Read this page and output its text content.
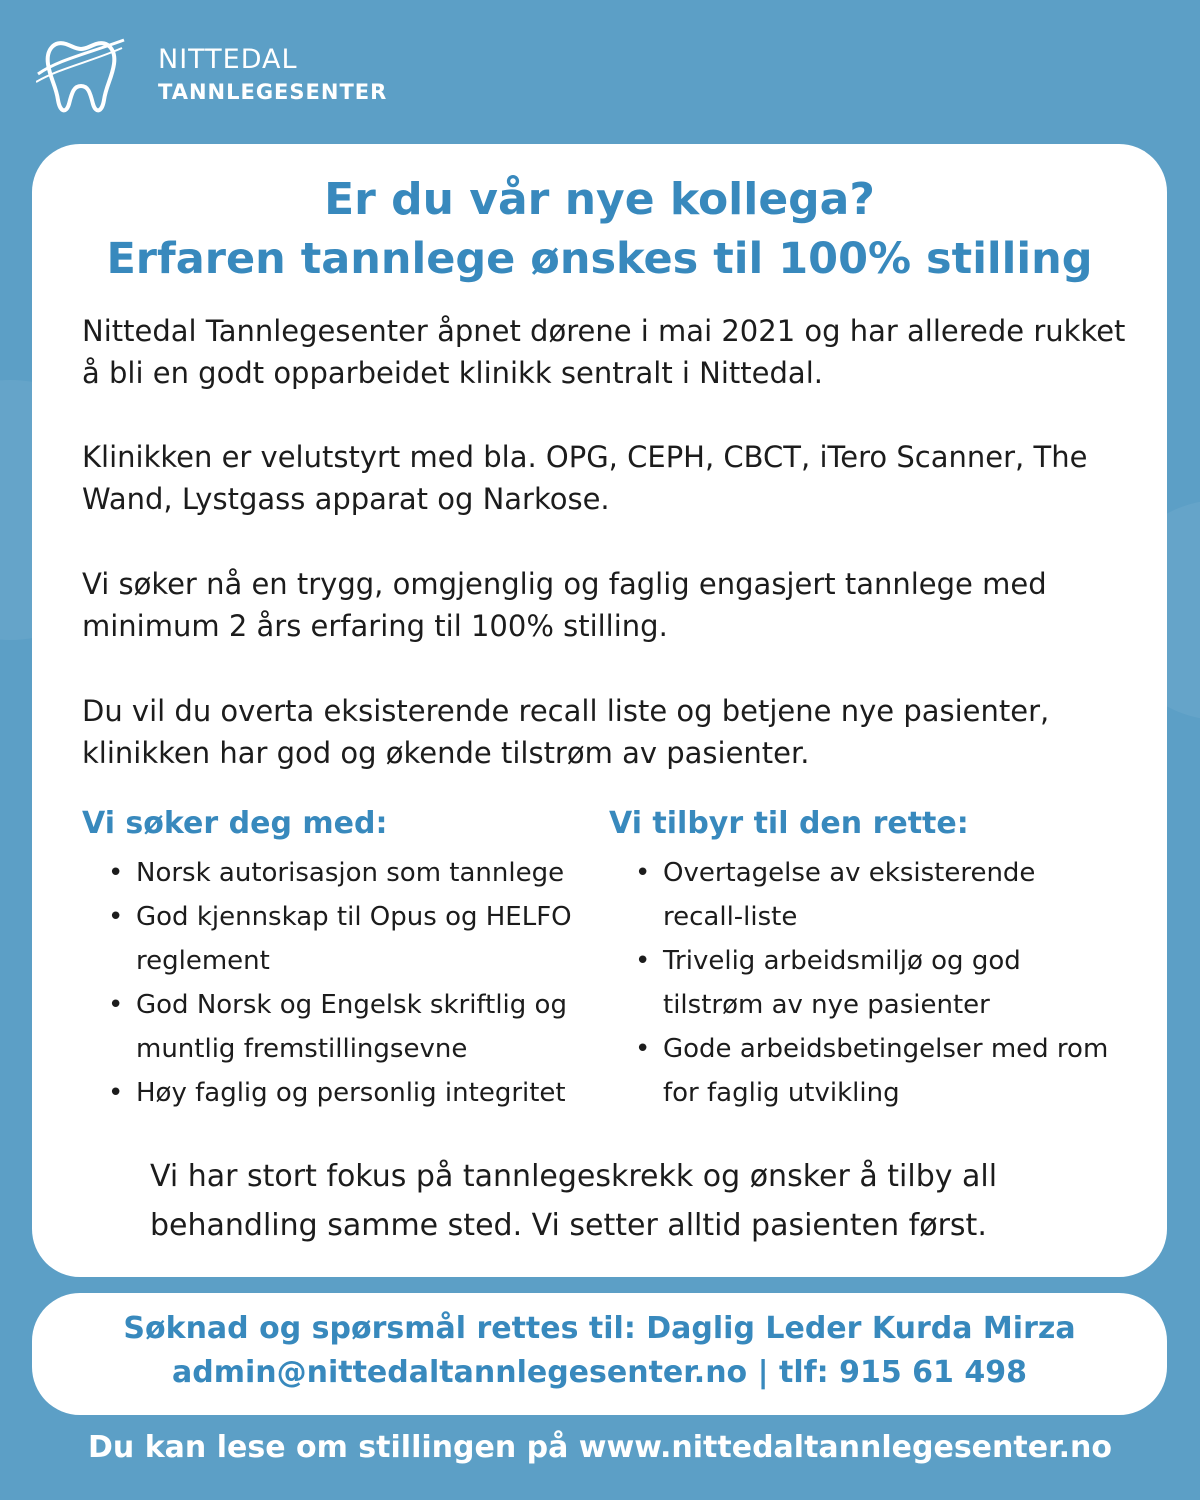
NITTEDAL
TANNLEGESENTER
Er du vår nye kollega?
Erfaren tannlege ønskes til 100% stilling

Nittedal Tannlegesenter åpnet dørene i mai 2021 og har allerede rukket å bli en godt opparbeidet klinikk sentralt i Nittedal.

Klinikken er velutstyrt med bla. OPG, CEPH, CBCT, iTero Scanner, The Wand, Lystgass apparat og Narkose.

Vi søker nå en trygg, omgjenglig og faglig engasjert tannlege med minimum 2 års erfaring til 100% stilling.

Du vil du overta eksisterende recall liste og betjene nye pasienter, klinikken har god og økende tilstrøm av pasienter.

Vi søker deg med:
• Norsk autorisasjon som tannlege
• God kjennskap til Opus og HELFO reglement
• God Norsk og Engelsk skriftlig og muntlig fremstillingsevne
• Høy faglig og personlig integritet
Vi tilbyr til den rette:
• Overtagelse av eksisterende recall-liste
• Trivelig arbeidsmiljø og god tilstrøm av nye pasienter
• Gode arbeidsbetingelser med rom for faglig utvikling

Vi har stort fokus på tannlegeskrekk og ønsker å tilby all behandling samme sted. Vi setter alltid pasienten først.

Søknad og spørsmål rettes til: Daglig Leder Kurda Mirza
admin@nittedaltannlegesenter.no | tlf: 915 61 498
Du kan lese om stillingen på www.nittedaltannlegesenter.no
